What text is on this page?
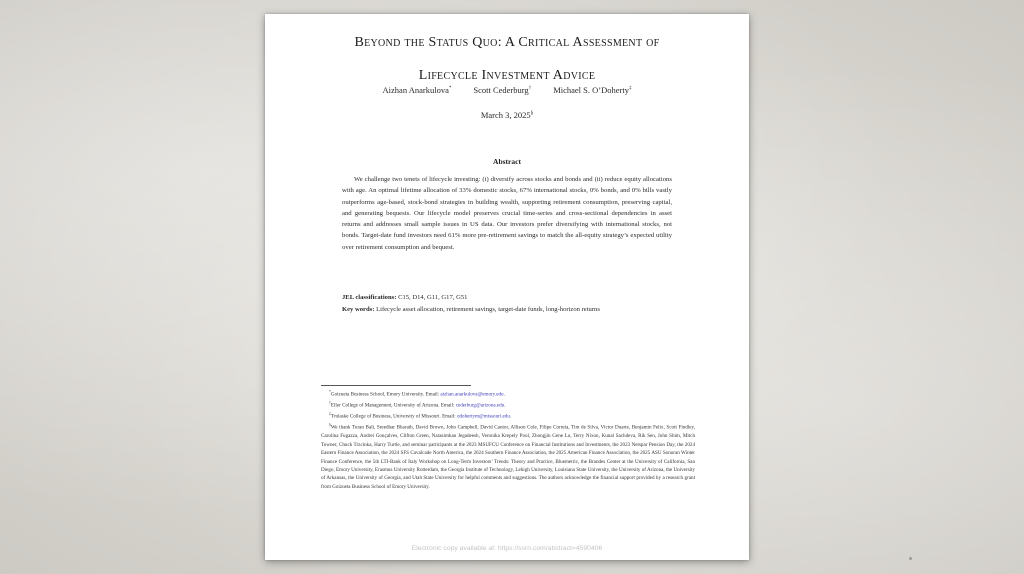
Beyond the Status Quo: A Critical Assessment of
Lifecycle Investment Advice
Aizhan Anarkulova*	Scott Cederburg†	Michael S. O’Doherty‡
March 3, 2025§
Abstract
We challenge two tenets of lifecycle investing: (i) diversify across stocks and bonds and (ii) reduce equity allocations with age. An optimal lifetime allocation of 33% domestic stocks, 67% international stocks, 0% bonds, and 0% bills vastly outperforms age-based, stock-bond strategies in building wealth, supporting retirement consumption, preserving capital, and generating bequests. Our lifecycle model preserves crucial time-series and cross-sectional dependencies in asset returns and addresses small sample issues in US data. Our investors prefer diversifying with international stocks, not bonds. Target-date fund investors need 61% more pre-retirement savings to match the all-equity strategy’s expected utility over retirement consumption and bequest.
JEL classifications: C15, D14, G11, G17, G51
Key words: Lifecycle asset allocation, retirement savings, target-date funds, long-horizon returns

*Goizueta Business School, Emory University. Email: aizhan.anarkulova@emory.edu.

†Eller College of Management, University of Arizona. Email: cederburg@arizona.edu.

‡Trulaske College of Business, University of Missouri. Email: odohertym@missouri.edu.

§We thank Turan Bali, Sreedhar Bharath, David Brown, John Campbell, David Cantor, Allison Cole, Filipe Correia, Tim de Silva, Victor Duarte, Benjamin Felix, Scott Findley, Carolina Fugazza, Andrei Gonçalves, Clifton Green, Narasimhan Jegadeesh, Veronika Krepely Pool, Zhongjin Gene Lu, Terry Nixon, Kunal Sachdeva, Rik Sen, John Shim, Mitch Towner, Chuck Trzcinka, Harry Turtle, and seminar participants at the 2023 MSUFCU Conference on Financial Institutions and Investments, the 2023 Netspar Pension Day, the 2024 Eastern Finance Association, the 2024 SFS Cavalcade North America, the 2024 Southern Finance Association, the 2025 American Finance Association, the 2025 ASU Sonoran Winter Finance Conference, the 5th LTI-Bank of Italy Workshop on Long-Term Investors’ Trends: Theory and Practice, Bluemetric, the Brandes Center at the University of California, San Diego, Emory University, Erasmus University Rotterdam, the Georgia Institute of Technology, Lehigh University, Louisiana State University, the University of Arizona, the University of Arkansas, the University of Georgia, and Utah State University for helpful comments and suggestions. The authors acknowledge the financial support provided by a research grant from Goizueta Business School of Emory University.

Electronic copy available at: https://ssrn.com/abstract=4590406
